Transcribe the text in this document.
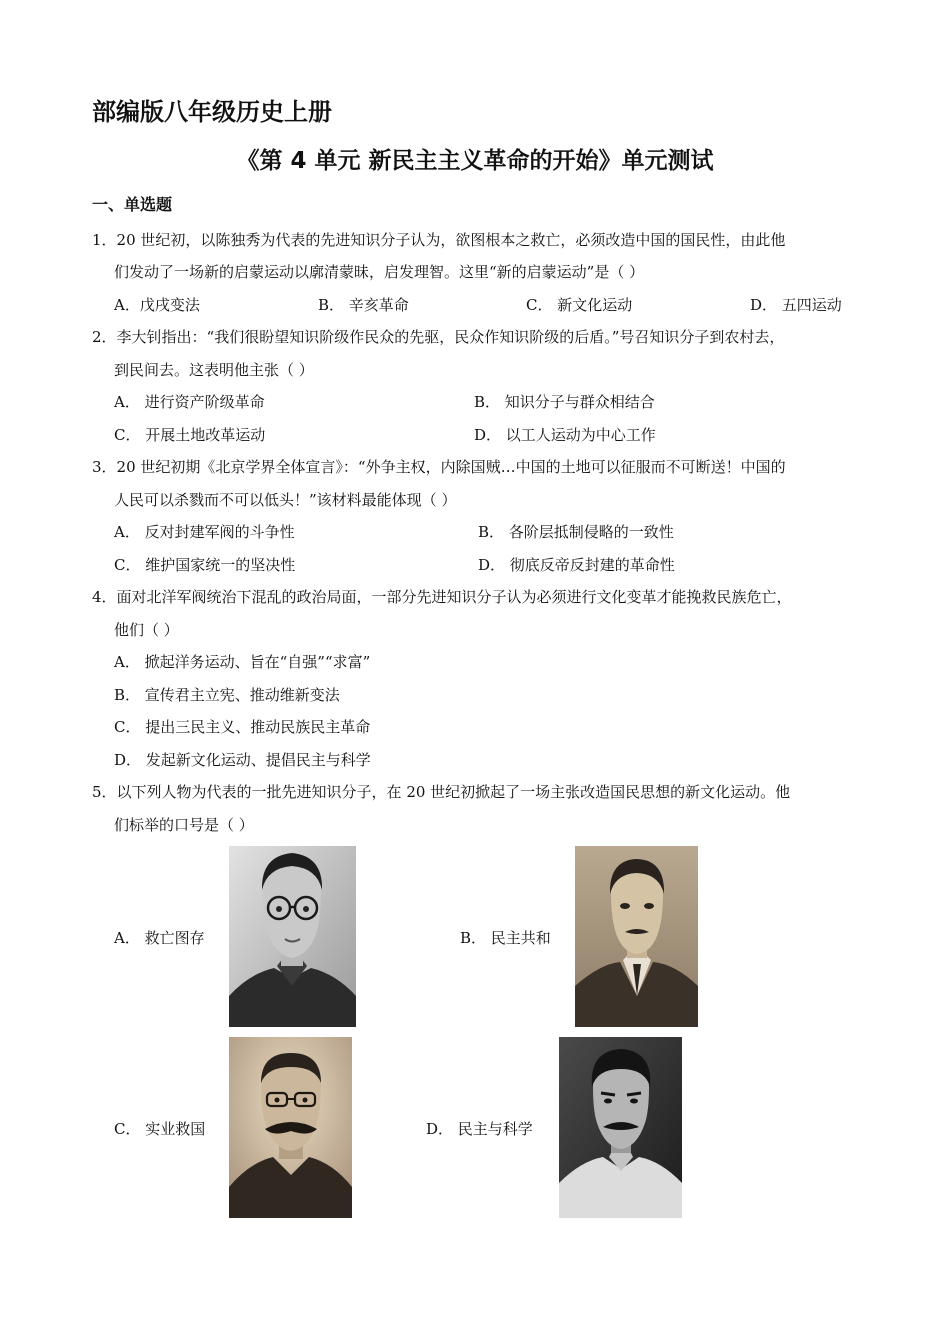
部编版八年级历史上册
《第 4 单元 新民主主义革命的开始》单元测试
一、单选题
1．20 世纪初，以陈独秀为代表的先进知识分子认为，欲图根本之救亡，必须改造中国的国民性，由此他
们发动了一场新的启蒙运动以廓清蒙昧，启发理智。这里“新的启蒙运动”是（ ）
A．戊戌变法	B． 辛亥革命	C． 新文化运动	D． 五四运动
2．李大钊指出：“我们很盼望知识阶级作民众的先驱，民众作知识阶级的后盾。”号召知识分子到农村去，
到民间去。这表明他主张（ ）
A． 进行资产阶级革命	B． 知识分子与群众相结合
C． 开展土地改革运动	D． 以工人运动为中心工作
3．20 世纪初期《北京学界全体宣言》：“外争主权，内除国贼…中国的土地可以征服而不可断送！中国的
人民可以杀戮而不可以低头！”该材料最能体现（ ）
A． 反对封建军阀的斗争性	B． 各阶层抵制侵略的一致性
C． 维护国家统一的坚决性	D． 彻底反帝反封建的革命性
4．面对北洋军阀统治下混乱的政治局面，一部分先进知识分子认为必须进行文化变革才能挽救民族危亡，
他们（ ）
A． 掀起洋务运动、旨在“自强”“求富”
B． 宣传君主立宪、推动维新变法
C． 提出三民主义、推动民族民主革命
D． 发起新文化运动、提倡民主与科学
5．以下列人物为代表的一批先进知识分子，在 20 世纪初掀起了一场主张改造国民思想的新文化运动。他
们标举的口号是（ ）
A． 救亡图存	B． 民主共和
C． 实业救国	D． 民主与科学
